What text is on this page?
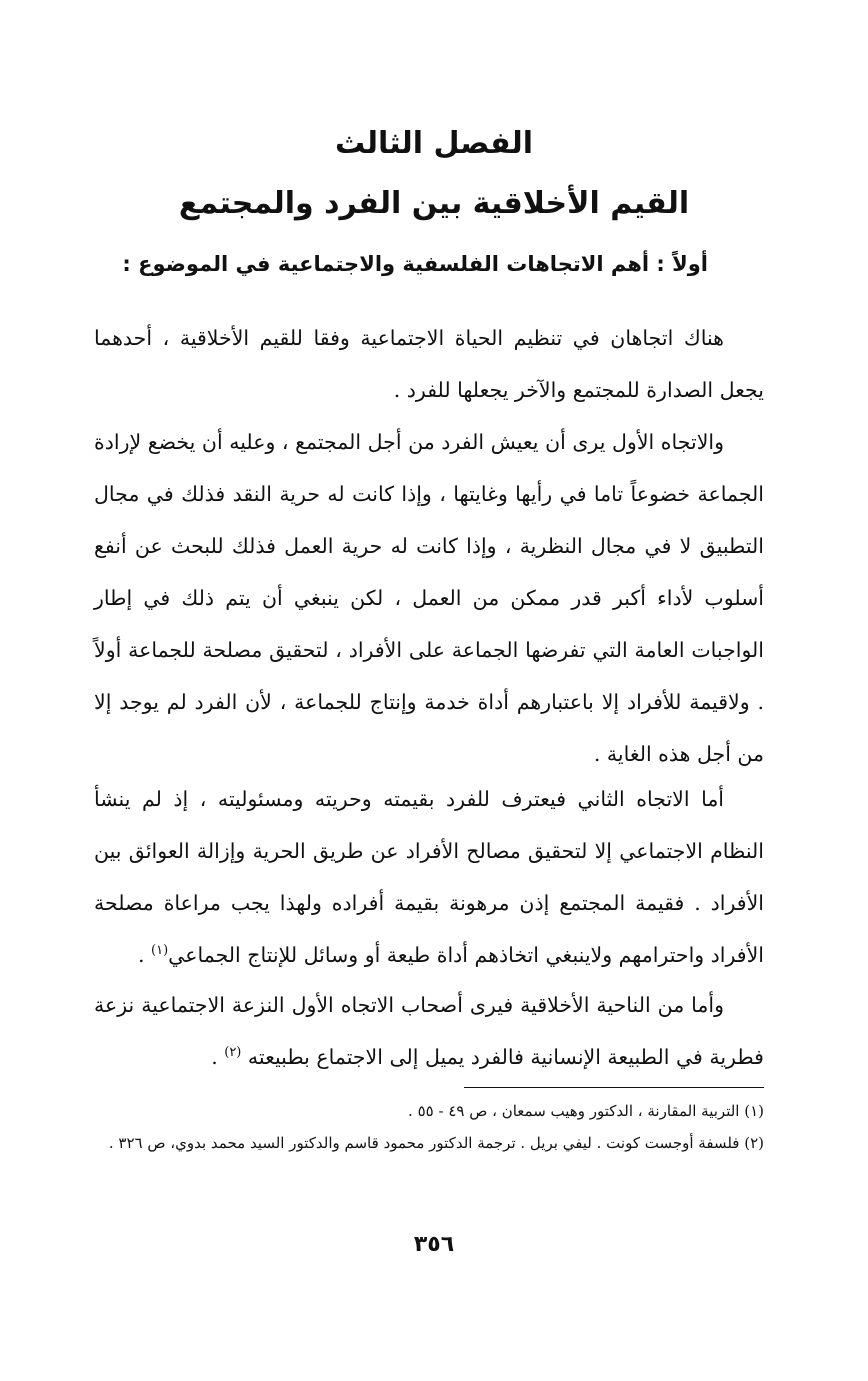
الفصل الثالث
القيم الأخلاقية بين الفرد والمجتمع
أولاً : أهم الاتجاهات الفلسفية والاجتماعية في الموضوع :

هناك اتجاهان في تنظيم الحياة الاجتماعية وفقا للقيم الأخلاقية ، أحدهما يجعل الصدارة للمجتمع والآخر يجعلها للفرد .

والاتجاه الأول يرى أن يعيش الفرد من أجل المجتمع ، وعليه أن يخضع لإرادة الجماعة خضوعاً تاما في رأيها وغايتها ، وإذا كانت له حرية النقد فذلك في مجال التطبيق لا في مجال النظرية ، وإذا كانت له حرية العمل فذلك للبحث عن أنفع أسلوب لأداء أكبر قدر ممكن من العمل ، لكن ينبغي أن يتم ذلك في إطار الواجبات العامة التي تفرضها الجماعة على الأفراد ، لتحقيق مصلحة للجماعة أولاً . ولاقيمة للأفراد إلا باعتبارهم أداة خدمة وإنتاج للجماعة ، لأن الفرد لم يوجد إلا من أجل هذه الغاية .

أما الاتجاه الثاني فيعترف للفرد بقيمته وحريته ومسئوليته ، إذ لم ينشأ النظام الاجتماعي إلا لتحقيق مصالح الأفراد عن طريق الحرية وإزالة العوائق بين الأفراد . فقيمة المجتمع إذن مرهونة بقيمة أفراده ولهذا يجب مراعاة مصلحة الأفراد واحترامهم ولاينبغي اتخاذهم أداة طيعة أو وسائل للإنتاج الجماعي$^{(١)}$ .

وأما من الناحية الأخلاقية فيرى أصحاب الاتجاه الأول النزعة الاجتماعية نزعة فطرية في الطبيعة الإنسانية فالفرد يميل إلى الاجتماع بطبيعته $^{(٢)}$ .

(١) التربية المقارنة ، الدكتور وهيب سمعان ، ص ٤٩ - ٥٥ .
(٢) فلسفة أوجست كونت . ليفي بريل . ترجمة الدكتور محمود قاسم والدكتور السيد محمد بدوي، ص ٣٢٦ .
٣٥٦
